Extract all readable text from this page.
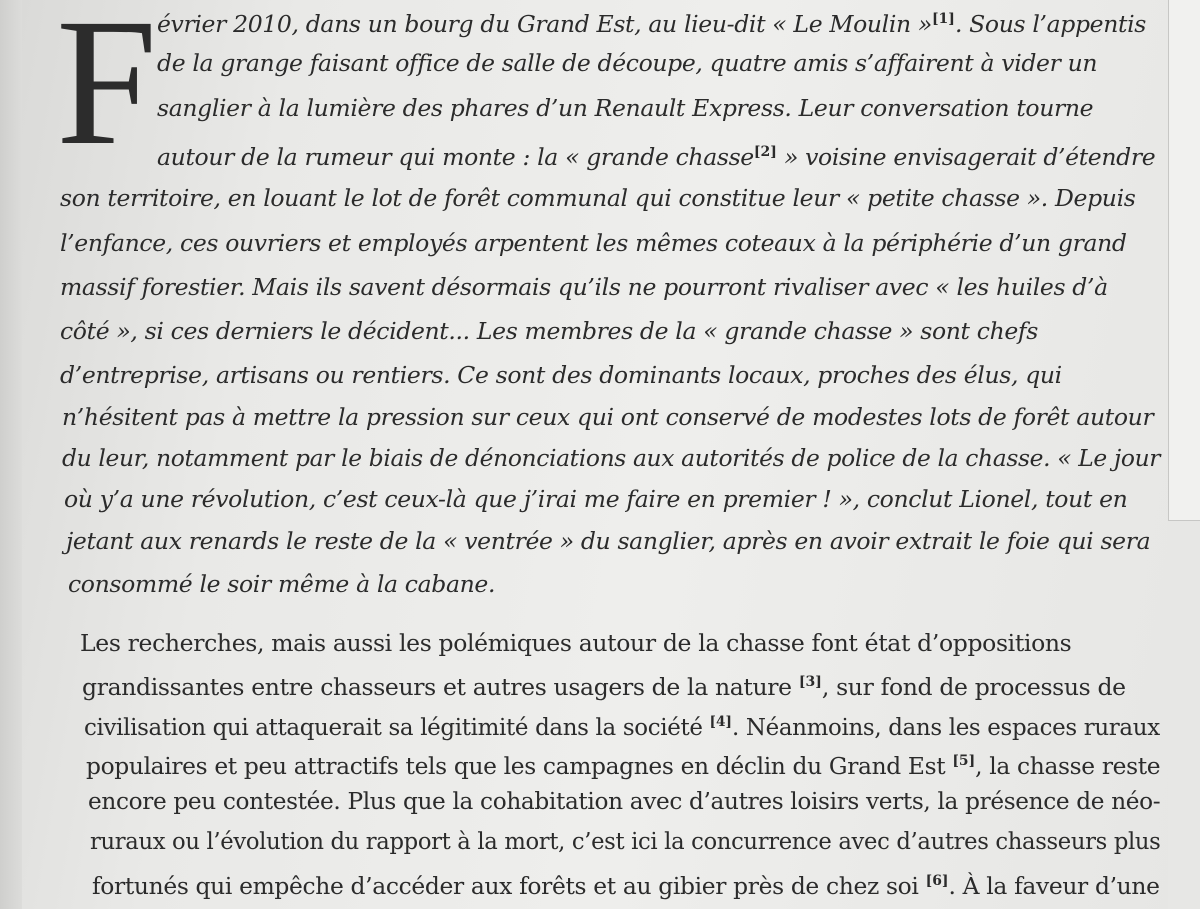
F évrier 2010, dans un bourg du Grand Est, au lieu-dit « Le Moulin »[1]. Sous l’appentis
de la grange faisant office de salle de découpe, quatre amis s’affairent à vider un
sanglier à la lumière des phares d’un Renault Express. Leur conversation tourne
autour de la rumeur qui monte : la « grande chasse[2] » voisine envisagerait d’étendre
son territoire, en louant le lot de forêt communal qui constitue leur « petite chasse ». Depuis
l’enfance, ces ouvriers et employés arpentent les mêmes coteaux à la périphérie d’un grand
massif forestier. Mais ils savent désormais qu’ils ne pourront rivaliser avec « les huiles d’à
côté », si ces derniers le décident... Les membres de la « grande chasse » sont chefs
d’entreprise, artisans ou rentiers. Ce sont des dominants locaux, proches des élus, qui
n’hésitent pas à mettre la pression sur ceux qui ont conservé de modestes lots de forêt autour
du leur, notamment par le biais de dénonciations aux autorités de police de la chasse. « Le jour
où y’a une révolution, c’est ceux-là que j’irai me faire en premier ! », conclut Lionel, tout en
jetant aux renards le reste de la « ventrée » du sanglier, après en avoir extrait le foie qui sera
consommé le soir même à la cabane.
Les recherches, mais aussi les polémiques autour de la chasse font état d’oppositions
grandissantes entre chasseurs et autres usagers de la nature [3], sur fond de processus de
civilisation qui attaquerait sa légitimité dans la société [4]. Néanmoins, dans les espaces ruraux
populaires et peu attractifs tels que les campagnes en déclin du Grand Est [5], la chasse reste
encore peu contestée. Plus que la cohabitation avec d’autres loisirs verts, la présence de néo-
ruraux ou l’évolution du rapport à la mort, c’est ici la concurrence avec d’autres chasseurs plus
fortunés qui empêche d’accéder aux forêts et au gibier près de chez soi [6]. À la faveur d’une
